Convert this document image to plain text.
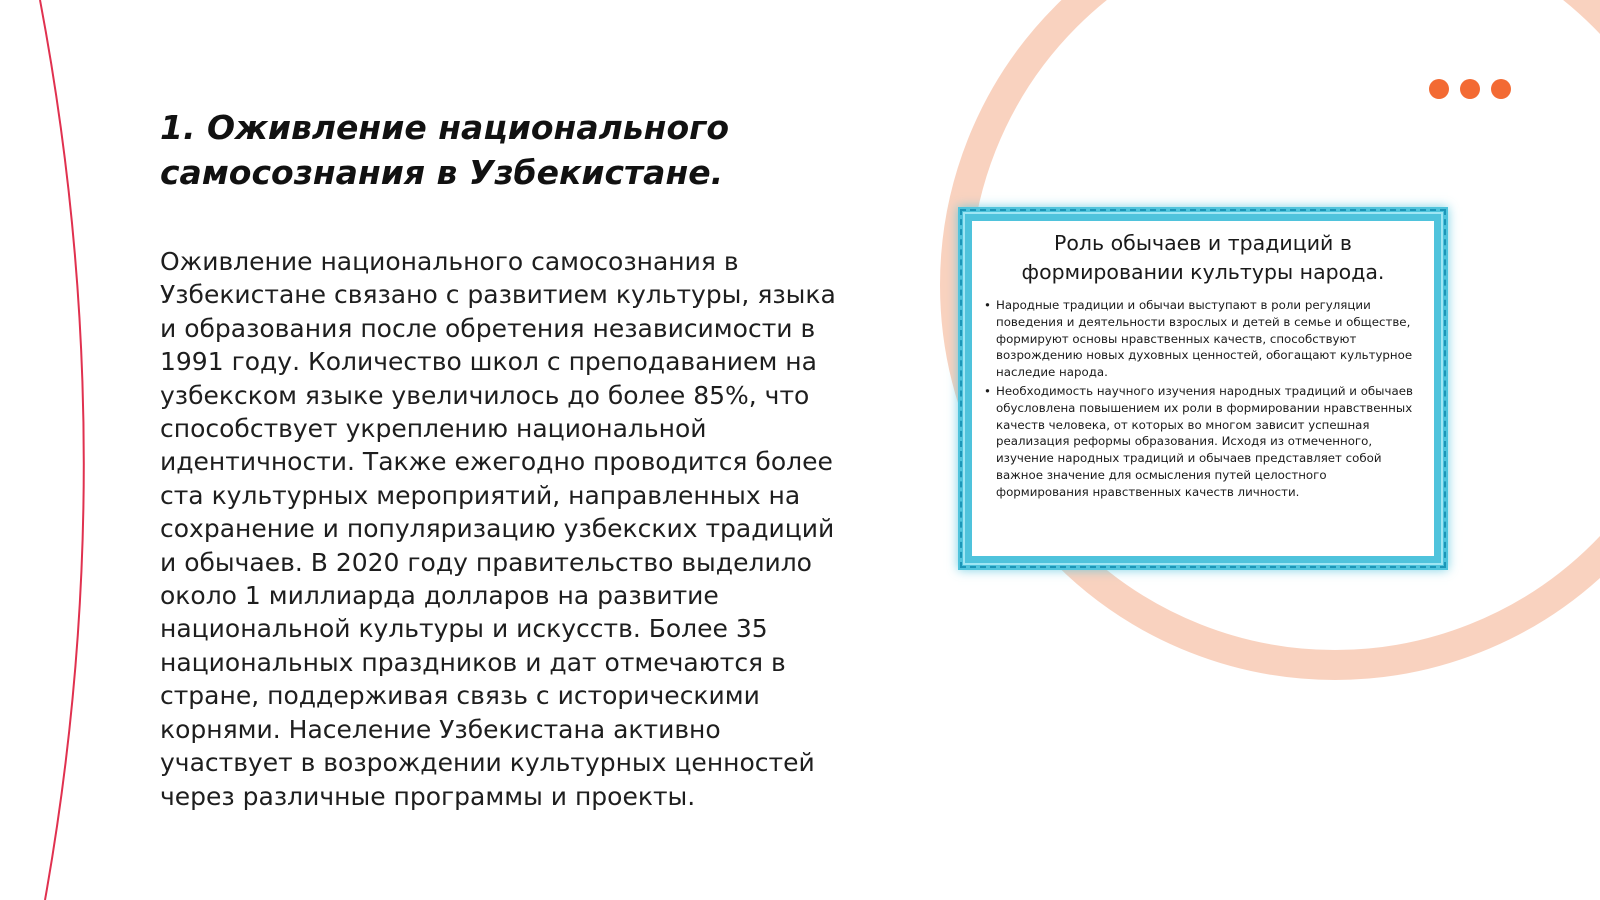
1. Оживление национального самосознания в Узбекистане.

Оживление национального самосознания в Узбекистане связано с развитием культуры, языка и образования после обретения независимости в 1991 году. Количество школ с преподаванием на узбекском языке увеличилось до более 85%, что способствует укреплению национальной идентичности. Также ежегодно проводится более ста культурных мероприятий, направленных на сохранение и популяризацию узбекских традиций и обычаев. В 2020 году правительство выделило около 1 миллиарда долларов на развитие национальной культуры и искусств. Более 35 национальных праздников и дат отмечаются в стране, поддерживая связь с историческими корнями. Население Узбекистана активно участвует в возрождении культурных ценностей через различные программы и проекты.

Роль обычаев и традиций в формировании культуры народа.
• Народные традиции и обычаи выступают в роли регуляции поведения и деятельности взрослых и детей в семье и обществе, формируют основы нравственных качеств, способствуют возрождению новых духовных ценностей, обогащают культурное наследие народа.
• Необходимость научного изучения народных традиций и обычаев обусловлена повышением их роли в формировании нравственных качеств человека, от которых во многом зависит успешная реализация реформы образования. Исходя из отмеченного, изучение народных традиций и обычаев представляет собой важное значение для осмысления путей целостного формирования нравственных качеств личности.
